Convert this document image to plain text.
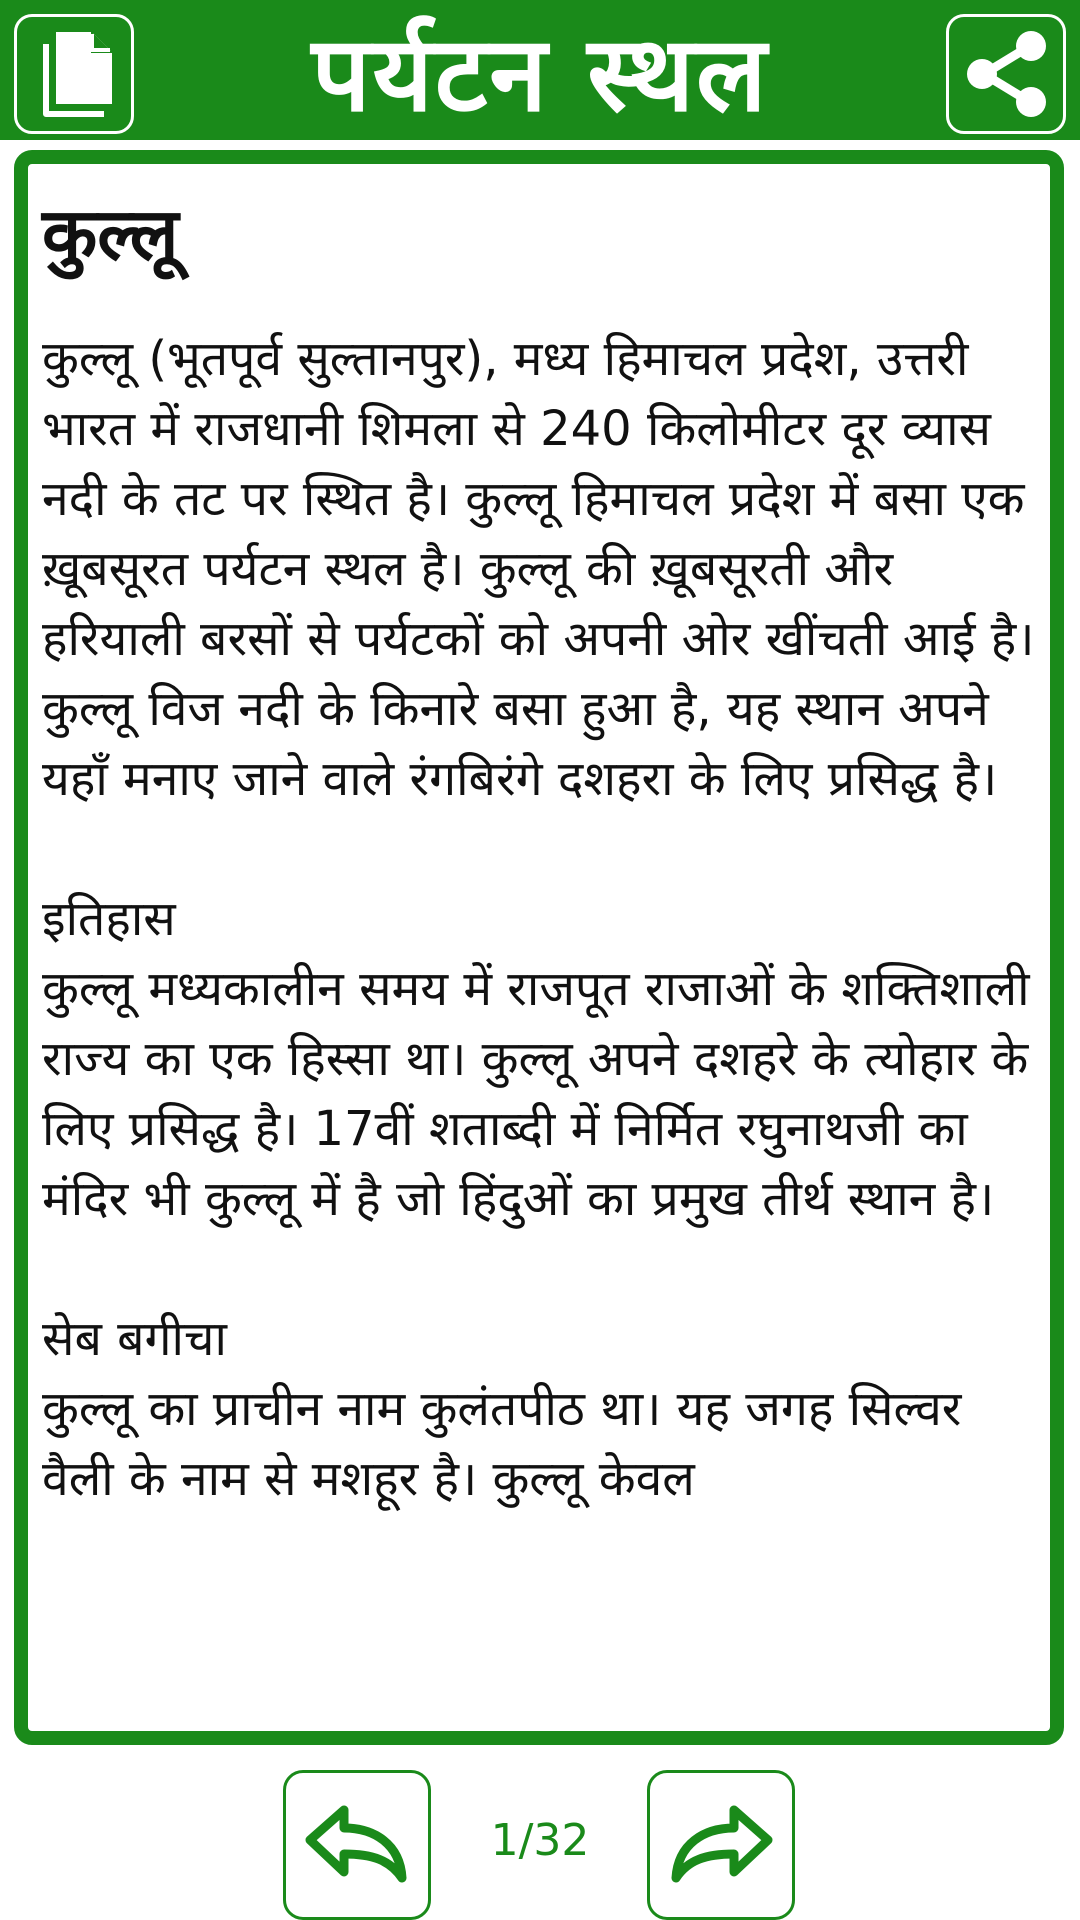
पर्यटन स्थल
कुल्लू
कुल्लू (भूतपूर्व सुल्तानपुर), मध्य हिमाचल प्रदेश, उत्तरी भारत में राजधानी शिमला से 240 किलोमीटर दूर व्यास नदी के तट पर स्थित है। कुल्लू हिमाचल प्रदेश में बसा एक ख़ूबसूरत पर्यटन स्थल है। कुल्लू की ख़ूबसूरती और हरियाली बरसों से पर्यटकों को अपनी ओर खींचती आई है। कुल्लू विज नदी के किनारे बसा हुआ है, यह स्थान अपने यहाँ मनाए जाने वाले रंगबिरंगे दशहरा के लिए प्रसिद्ध है।
इतिहास
कुल्लू मध्यकालीन समय में राजपूत राजाओं के शक्तिशाली राज्य का एक हिस्सा था। कुल्लू अपने दशहरे के त्योहार के लिए प्रसिद्ध है। 17वीं शताब्दी में निर्मित रघुनाथजी का मंदिर भी कुल्लू में है जो हिंदुओं का प्रमुख तीर्थ स्थान है।
सेब बगीचा
कुल्लू का प्राचीन नाम कुलंतपीठ था। यह जगह सिल्वर वैली के नाम से मशहूर है। कुल्लू केवल
1/32
